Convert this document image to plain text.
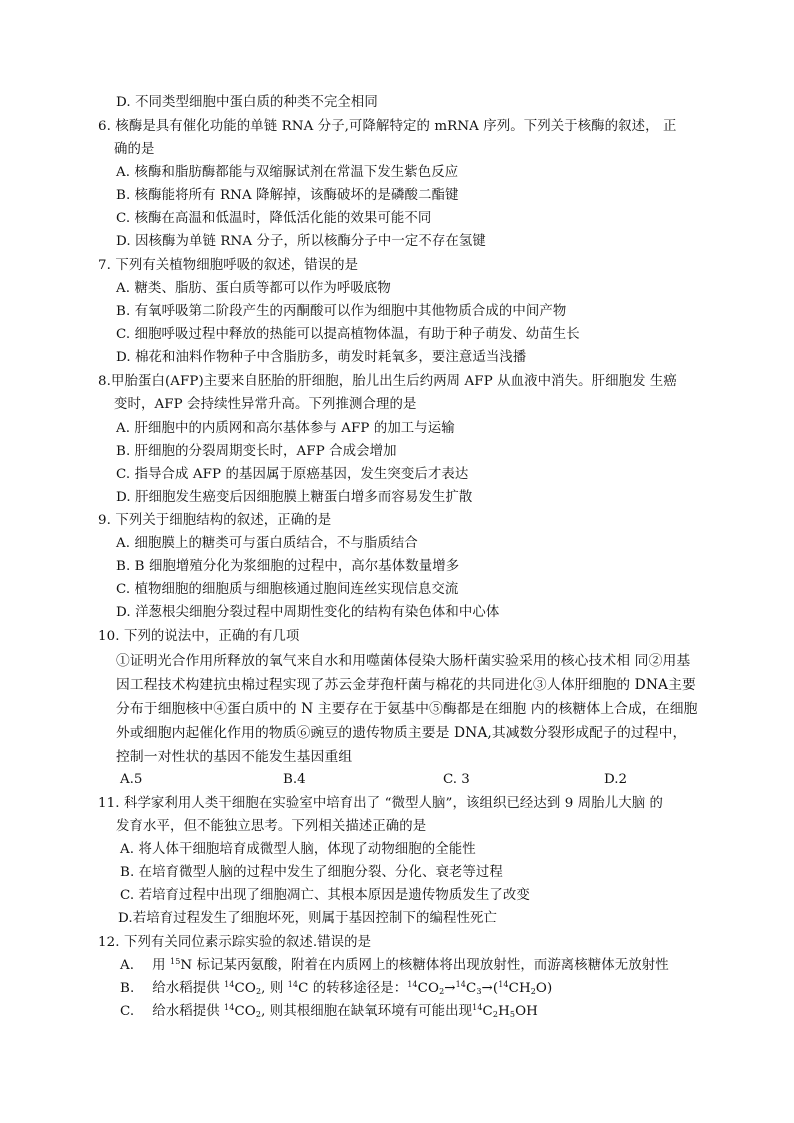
D. 不同类型细胞中蛋白质的种类不完全相同
6. 核酶是具有催化功能的单链 RNA 分子,可降解特定的 mRNA 序列。下列关于核酶的叙述， 正
确的是
A. 核酶和脂肪酶都能与双缩脲试剂在常温下发生紫色反应
B. 核酶能将所有 RNA 降解掉，该酶破坏的是磷酸二酯键
C. 核酶在高温和低温时，降低活化能的效果可能不同
D. 因核酶为单链 RNA 分子，所以核酶分子中一定不存在氢键
7. 下列有关植物细胞呼吸的叙述，错误的是
A. 糖类、脂肪、蛋白质等都可以作为呼吸底物
B. 有氧呼吸第二阶段产生的丙酮酸可以作为细胞中其他物质合成的中间产物
C. 细胞呼吸过程中释放的热能可以提高植物体温，有助于种子萌发、幼苗生长
D. 棉花和油料作物种子中含脂肪多，萌发时耗氧多，要注意适当浅播
8.甲胎蛋白(AFP)主要来自胚胎的肝细胞，胎儿出生后约两周 AFP 从血液中消失。肝细胞发 生癌
变时，AFP 会持续性异常升高。下列推测合理的是
A. 肝细胞中的内质网和高尔基体参与 AFP 的加工与运输
B. 肝细胞的分裂周期变长时，AFP 合成会增加
C. 指导合成 AFP 的基因属于原癌基因，发生突变后才表达
D. 肝细胞发生癌变后因细胞膜上糖蛋白增多而容易发生扩散
9. 下列关于细胞结构的叙述，正确的是
A. 细胞膜上的糖类可与蛋白质结合，不与脂质结合
B. B 细胞增殖分化为浆细胞的过程中，高尔基体数量增多
C. 植物细胞的细胞质与细胞核通过胞间连丝实现信息交流
D. 洋葱根尖细胞分裂过程中周期性变化的结构有染色体和中心体
10. 下列的说法中，正确的有几项
①证明光合作用所释放的氧气来自水和用噬菌体侵染大肠杆菌实验采用的核心技术相 同②用基
因工程技术构建抗虫棉过程实现了苏云金芽孢杆菌与棉花的共同进化③人体肝细胞的 DNA主要
分布于细胞核中④蛋白质中的 N 主要存在于氨基中⑤酶都是在细胞 内的核糖体上合成，在细胞
外或细胞内起催化作用的物质⑥豌豆的遗传物质主要是 DNA,其减数分裂形成配子的过程中，
控制一对性状的基因不能发生基因重组
A.5	B.4	C. 3	D.2
11. 科学家利用人类干细胞在实验室中培育出了 “微型人脑”，该组织已经达到 9 周胎儿大脑 的
发育水平，但不能独立思考。下列相关描述正确的是
A. 将人体干细胞培育成微型人脑，体现了动物细胞的全能性
B. 在培育微型人脑的过程中发生了细胞分裂、分化、衰老等过程
C. 若培育过程中出现了细胞凋亡、其根本原因是遗传物质发生了改变
D.若培育过程发生了细胞坏死，则属于基因控制下的编程性死亡
12. 下列有关同位素示踪实验的叙述.错误的是
A. 用 $^{15}$N 标记某丙氨酸，附着在内质网上的核糖体将出现放射性，而游离核糖体无放射性
B. 给水稻提供 $^{14}CO_2$, 则 $^{14}$C 的转移途径是：$^{14}CO_2\to^{14}C_3\to(^{14}CH_2O)$
C. 给水稻提供 $^{14}CO_2$, 则其根细胞在缺氧环境有可能出现$^{14}C_2H_5OH$
